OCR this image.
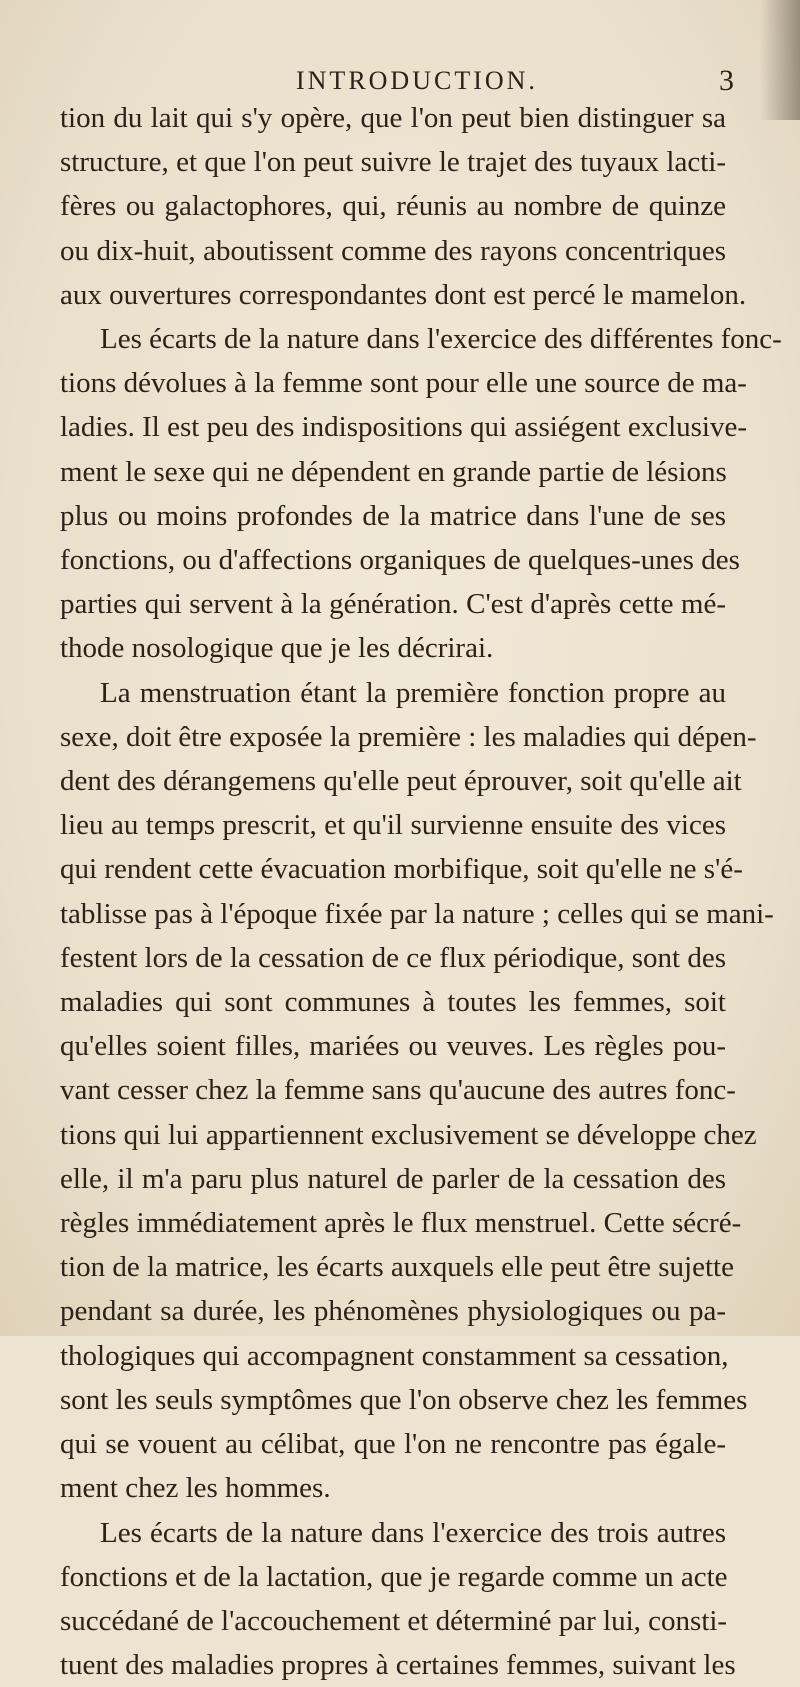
INTRODUCTION.	3
tion du lait qui s'y opère, que l'on peut bien distinguer sa
structure, et que l'on peut suivre le trajet des tuyaux lacti-
fères ou galactophores, qui, réunis au nombre de quinze
ou dix-huit, aboutissent comme des rayons concentriques
aux ouvertures correspondantes dont est percé le mamelon.
Les écarts de la nature dans l'exercice des différentes fonc-
tions dévolues à la femme sont pour elle une source de ma-
ladies. Il est peu des indispositions qui assiégent exclusive-
ment le sexe qui ne dépendent en grande partie de lésions
plus ou moins profondes de la matrice dans l'une de ses
fonctions, ou d'affections organiques de quelques-unes des
parties qui servent à la génération. C'est d'après cette mé-
thode nosologique que je les décrirai.
La menstruation étant la première fonction propre au
sexe, doit être exposée la première : les maladies qui dépen-
dent des dérangemens qu'elle peut éprouver, soit qu'elle ait
lieu au temps prescrit, et qu'il survienne ensuite des vices
qui rendent cette évacuation morbifique, soit qu'elle ne s'é-
tablisse pas à l'époque fixée par la nature ; celles qui se mani-
festent lors de la cessation de ce flux périodique, sont des
maladies qui sont communes à toutes les femmes, soit
qu'elles soient filles, mariées ou veuves. Les règles pou-
vant cesser chez la femme sans qu'aucune des autres fonc-
tions qui lui appartiennent exclusivement se développe chez
elle, il m'a paru plus naturel de parler de la cessation des
règles immédiatement après le flux menstruel. Cette sécré-
tion de la matrice, les écarts auxquels elle peut être sujette
pendant sa durée, les phénomènes physiologiques ou pa-
thologiques qui accompagnent constamment sa cessation,
sont les seuls symptômes que l'on observe chez les femmes
qui se vouent au célibat, que l'on ne rencontre pas égale-
ment chez les hommes.
Les écarts de la nature dans l'exercice des trois autres
fonctions et de la lactation, que je regarde comme un acte
succédané de l'accouchement et déterminé par lui, consti-
tuent des maladies propres à certaines femmes, suivant les
